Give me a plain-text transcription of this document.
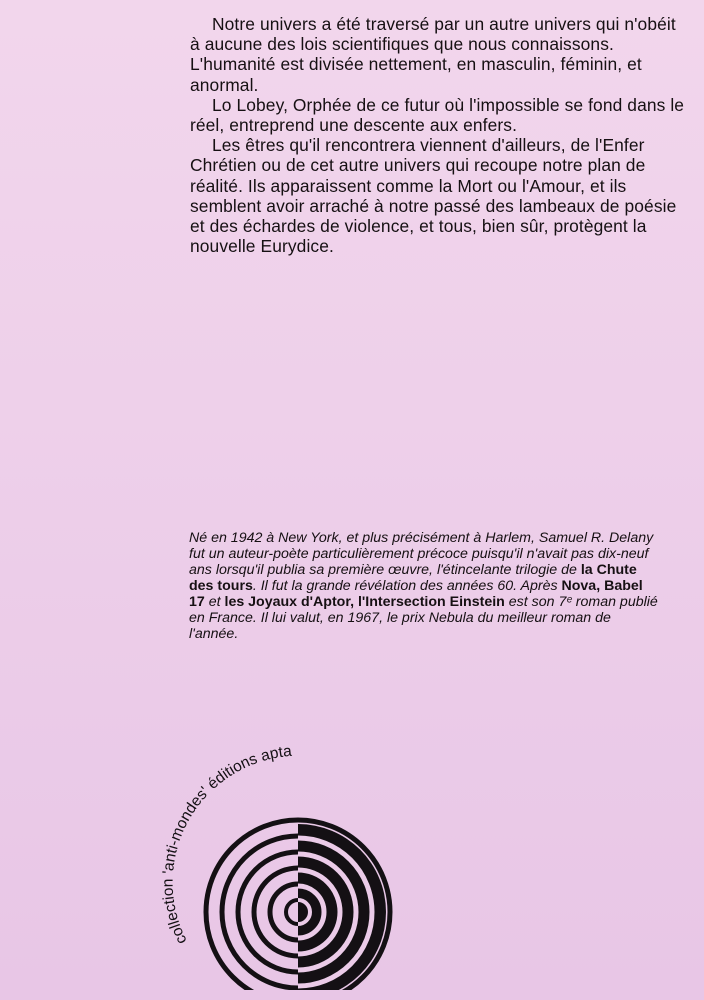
Notre univers a été traversé par un autre univers qui n'obéit à aucune des lois scientifiques que nous connaissons. L'humanité est divisée nettement, en masculin, féminin, et anormal.

Lo Lobey, Orphée de ce futur où l'impossible se fond dans le réel, entreprend une descente aux enfers.

Les êtres qu'il rencontrera viennent d'ailleurs, de l'Enfer Chrétien ou de cet autre univers qui recoupe notre plan de réalité. Ils apparaissent comme la Mort ou l'Amour, et ils semblent avoir arraché à notre passé des lambeaux de poésie et des échardes de violence, et tous, bien sûr, protègent la nouvelle Eurydice.

Né en 1942 à New York, et plus précisément à Harlem, Samuel R. Delany fut un auteur-poète particulièrement précoce puisqu'il n'avait pas dix-neuf ans lorsqu'il publia sa première œuvre, l'étincelante trilogie de la Chute des tours. Il fut la grande révélation des années 60. Après Nova, Babel 17 et les Joyaux d'Aptor, l'Intersection Einstein est son 7ᵉ roman publié en France. Il lui valut, en 1967, le prix Nebula du meilleur roman de l'année.

collection 'anti-mondes' éditions apta
